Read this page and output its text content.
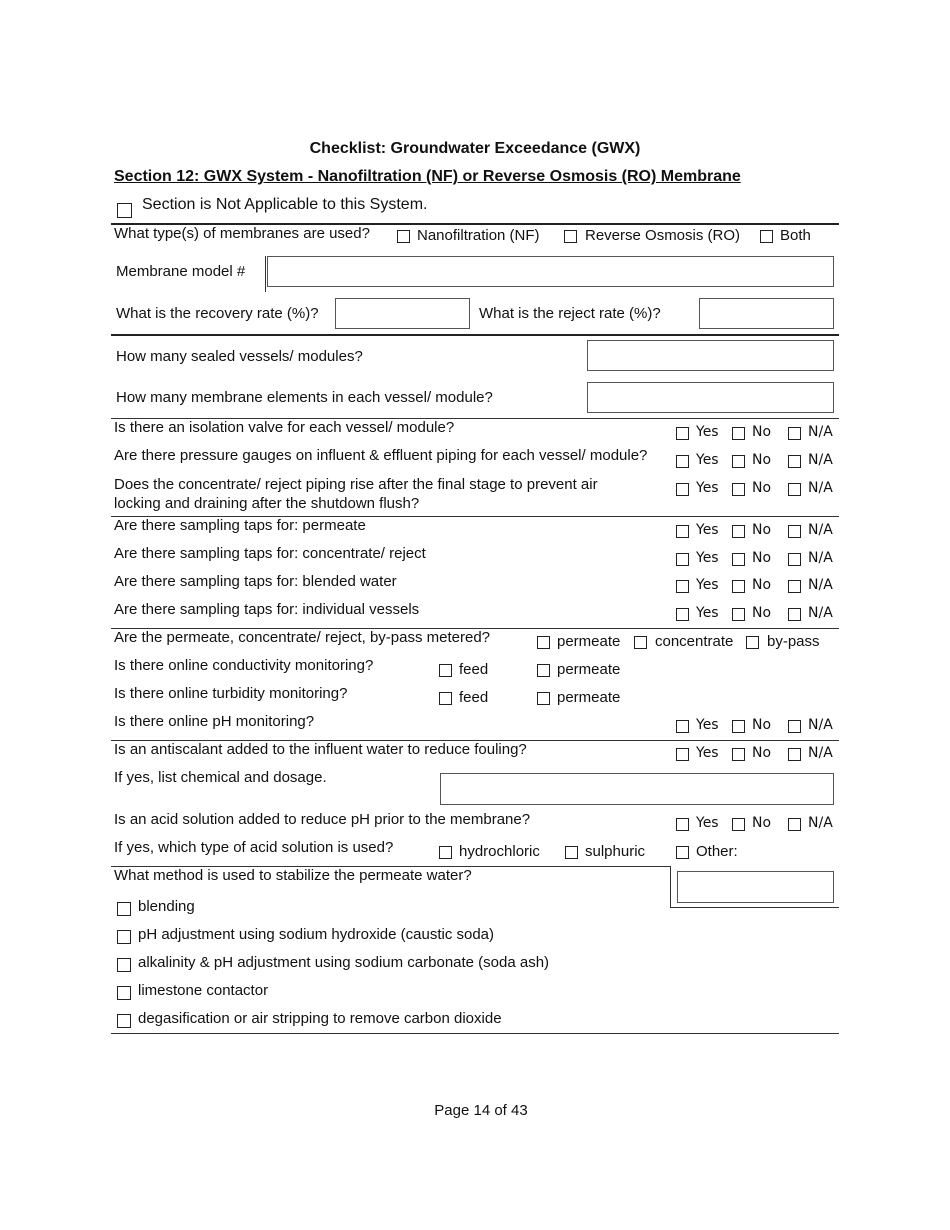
Checklist: Groundwater Exceedance (GWX)
Section 12: GWX System - Nanofiltration (NF) or Reverse Osmosis (RO) Membrane
Section is Not Applicable to this System.
What type(s) of membranes are used?	Nanofiltration (NF)	Reverse Osmosis (RO)	Both
Membrane model #
What is the recovery rate (%)?	What is the reject rate (%)?
How many sealed vessels/ modules?
How many membrane elements in each vessel/ module?
Is there an isolation valve for each vessel/ module?	Yes No	N/A
Are there pressure gauges on influent & effluent piping for each vessel/ module?	Yes No	N/A
Does the concentrate/ reject piping rise after the final stage to prevent air locking and draining after the shutdown flush?
Yes No	N/A
Are there sampling taps for: permeate	Yes No	N/A
Are there sampling taps for: concentrate/ reject	Yes No	N/A
Are there sampling taps for: blended water	Yes No	N/A
Are there sampling taps for: individual vessels	Yes No	N/A
Are the permeate, concentrate/ reject, by-pass metered?	permeate concentrate by-pass
Is there online conductivity monitoring?	feed	permeate
Is there online turbidity monitoring?	feed	permeate
Is there online pH monitoring?	Yes No	N/A
Is an antiscalant added to the influent water to reduce fouling?	Yes No	N/A
If yes, list chemical and dosage.
Is an acid solution added to reduce pH prior to the membrane?	Yes No	N/A
If yes, which type of acid solution is used?	hydrochloric	sulphuric	Other:
What method is used to stabilize the permeate water?
blending
pH adjustment using sodium hydroxide (caustic soda)
alkalinity & pH adjustment using sodium carbonate (soda ash)
limestone contactor
degasification or air stripping to remove carbon dioxide
Page 14 of 43
